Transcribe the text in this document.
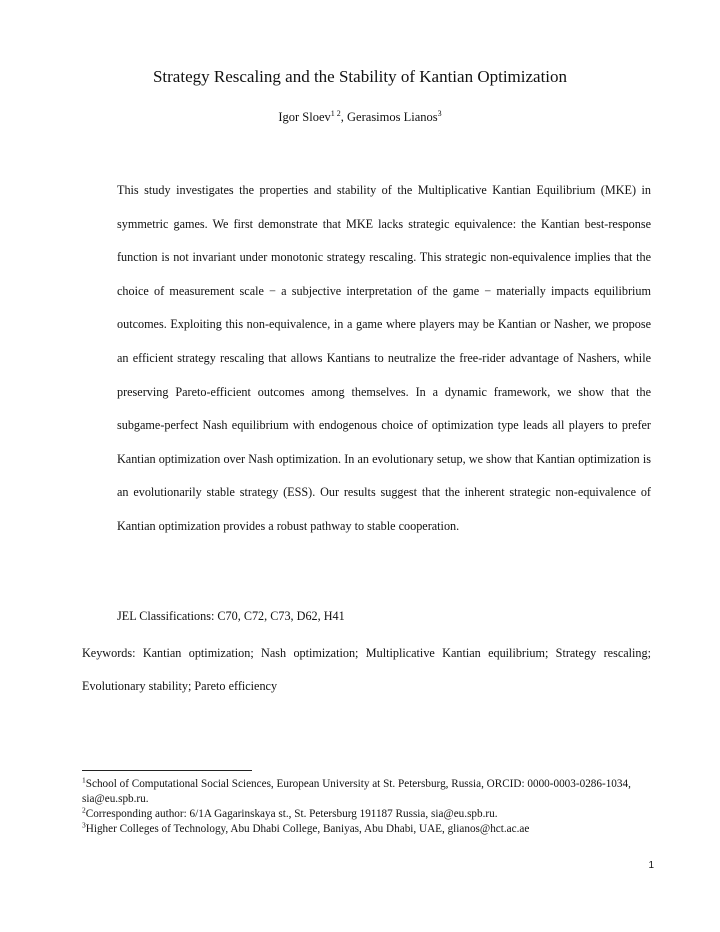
Strategy Rescaling and the Stability of Kantian Optimization
Igor Sloev$^{1 2}$, Gerasimos Lianos$^3$

This study investigates the properties and stability of the Multiplicative Kantian Equilibrium (MKE) in symmetric games. We first demonstrate that MKE lacks strategic equivalence: the Kantian best-response function is not invariant under monotonic strategy rescaling. This strategic non-equivalence implies that the choice of measurement scale − a subjective interpretation of the game − materially impacts equilibrium outcomes. Exploiting this non-equivalence, in a game where players may be Kantian or Nasher, we propose an efficient strategy rescaling that allows Kantians to neutralize the free-rider advantage of Nashers, while preserving Pareto-efficient outcomes among themselves. In a dynamic framework, we show that the subgame-perfect Nash equilibrium with endogenous choice of optimization type leads all players to prefer Kantian optimization over Nash optimization. In an evolutionary setup, we show that Kantian optimization is an evolutionarily stable strategy (ESS). Our results suggest that the inherent strategic non-equivalence of Kantian optimization provides a robust pathway to stable cooperation.

JEL Classifications: C70, C72, C73, D62, H41

Keywords: Kantian optimization; Nash optimization; Multiplicative Kantian equilibrium; Strategy rescaling; Evolutionary stability; Pareto efficiency

$^1$School of Computational Social Sciences, European University at St. Petersburg, Russia, ORCID: 0000-0003-0286-1034, sia@eu.spb.ru.

$^2$Corresponding author: 6/1A Gagarinskaya st., St. Petersburg 191187 Russia, sia@eu.spb.ru.

$^3$Higher Colleges of Technology, Abu Dhabi College, Baniyas, Abu Dhabi, UAE, glianos@hct.ac.ae

1
